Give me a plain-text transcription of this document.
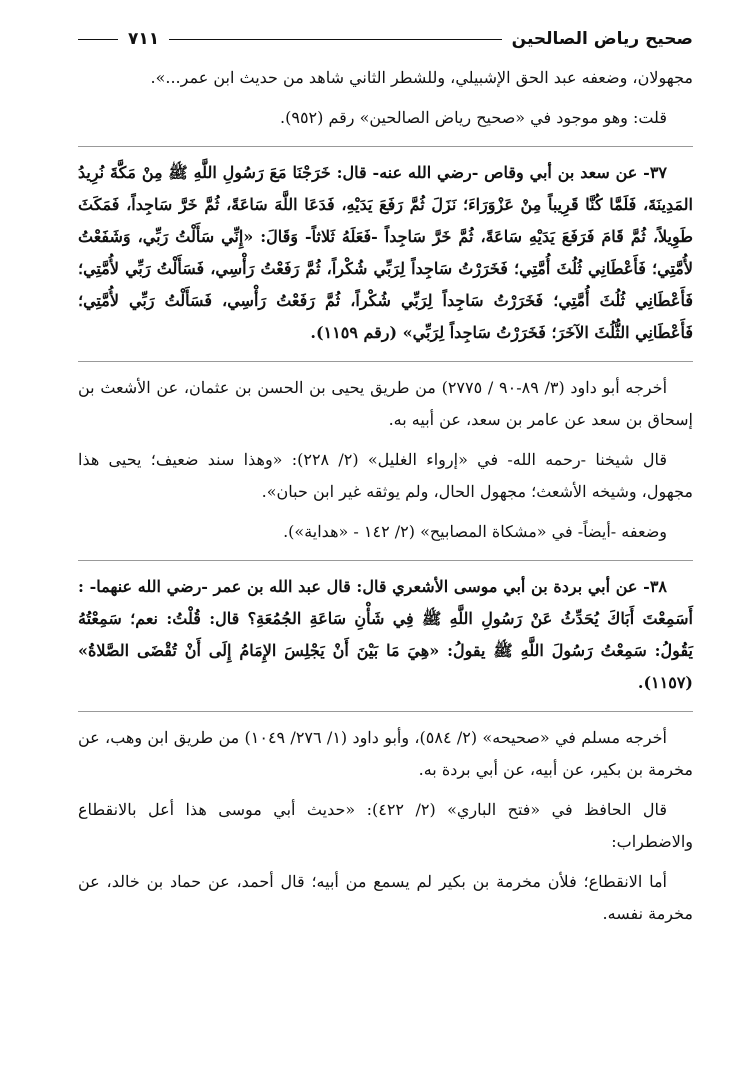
صحيح رياض الصالحين
٧١١

مجهولان، وضعفه عبد الحق الإشبيلي، وللشطر الثاني شاهد من حديث ابن عمر...».

قلت: وهو موجود في «صحيح رياض الصالحين» رقم (٩٥٢).

٣٧- عن سعد بن أبي وقاص -رضي الله عنه- قال: خَرَجْنَا مَعَ رَسُولِ اللَّهِ ﷺ مِنْ مَكَّةَ نُرِيدُ المَدِينَةَ، فَلَمَّا كُنَّا قَرِيباً مِنْ عَزْوَرَاءَ؛ نَزَلَ ثُمَّ رَفَعَ يَدَيْهِ، فَدَعَا اللَّهَ سَاعَةً، ثُمَّ خَرَّ سَاجِداً، فَمَكَثَ طَوِيلاً، ثُمَّ قَامَ فَرَفَعَ يَدَيْهِ سَاعَةً، ثُمَّ خَرَّ سَاجِداً -فَعَلَهُ ثَلاثاً- وَقَالَ: «إِنِّي سَأَلْتُ رَبِّي، وَشَفَعْتُ لأُمَّتِي؛ فَأَعْطَانِي ثُلُثَ أُمَّتِي؛ فَخَرَرْتُ سَاجِداً لِرَبِّي شُكْراً، ثُمَّ رَفَعْتُ رَأْسِي، فَسَأَلْتُ رَبِّي لأُمَّتِي؛ فَأَعْطَانِي ثُلُثَ أُمَّتِي؛ فَخَرَرْتُ سَاجِداً لِرَبِّي شُكْراً، ثُمَّ رَفَعْتُ رَأْسِي، فَسَأَلْتُ رَبِّي لأُمَّتِي؛ فَأَعْطَانِي الثُّلُثَ الآخَرَ؛ فَخَرَرْتُ سَاجِداً لِرَبِّي» (رقم ١١٥٩).

أخرجه أبو داود (٣/ ٨٩-٩٠ / ٢٧٧٥) من طريق يحيى بن الحسن بن عثمان، عن الأشعث بن إسحاق بن سعد عن عامر بن سعد، عن أبيه به.

قال شيخنا -رحمه الله- في «إرواء الغليل» (٢/ ٢٢٨): «وهذا سند ضعيف؛ يحيى هذا مجهول، وشيخه الأشعث؛ مجهول الحال، ولم يوثقه غير ابن حبان».

وضعفه -أيضاً- في «مشكاة المصابيح» (٢/ ١٤٢ - «هداية»).

٣٨- عن أبي بردة بن أبي موسى الأشعري قال: قال عبد الله بن عمر -رضي الله عنهما- : أَسَمِعْتَ أَبَاكَ يُحَدِّثُ عَنْ رَسُولِ اللَّهِ ﷺ فِي شَأْنِ سَاعَةِ الجُمُعَةِ؟ قال: قُلْتُ: نعم؛ سَمِعْتُهُ يَقُولُ: سَمِعْتُ رَسُولَ اللَّهِ ﷺ يقولُ: «هِيَ مَا بَيْنَ أَنْ يَجْلِسَ الإِمَامُ إِلَى أَنْ تُقْضَى الصَّلاةُ» (١١٥٧).

أخرجه مسلم في «صحيحه» (٢/ ٥٨٤)، وأبو داود (١/ ٢٧٦/ ١٠٤٩) من طريق ابن وهب، عن مخرمة بن بكير، عن أبيه، عن أبي بردة به.

قال الحافظ في «فتح الباري» (٢/ ٤٢٢): «حديث أبي موسى هذا أعل بالانقطاع والاضطراب:

أما الانقطاع؛ فلأن مخرمة بن بكير لم يسمع من أبيه؛ قال أحمد، عن حماد بن خالد، عن مخرمة نفسه.
